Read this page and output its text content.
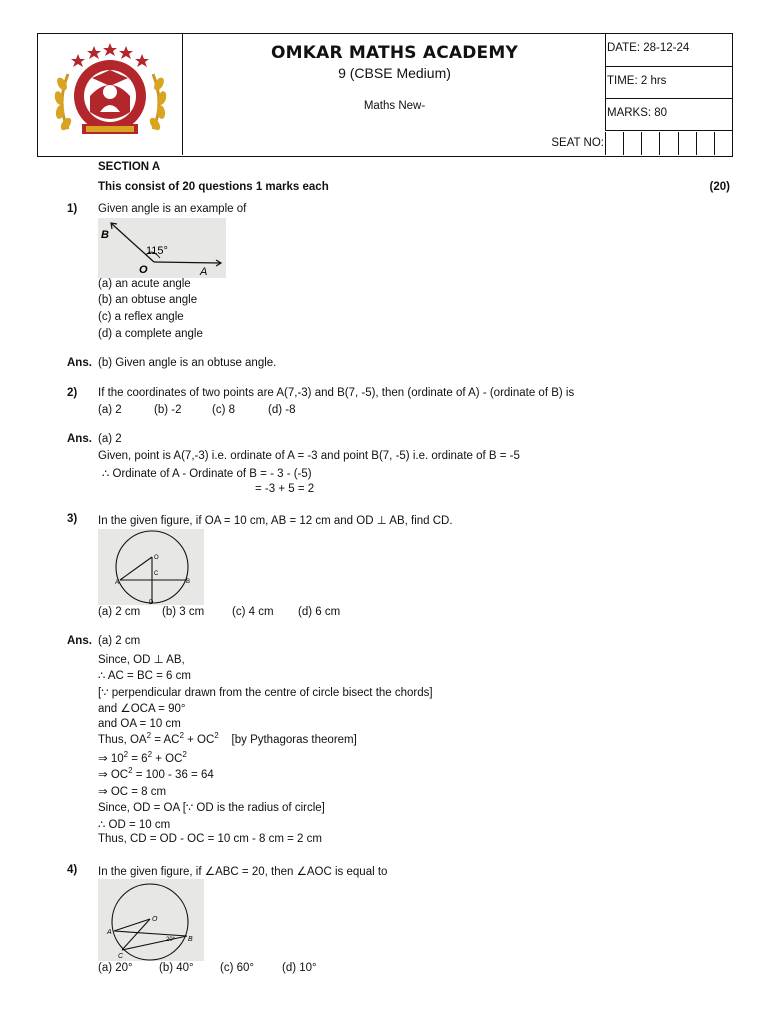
OMKAR MATHS ACADEMY
9 (CBSE Medium)
Maths New-
DATE: 28-12-24
TIME: 2 hrs
MARKS: 80
SEAT NO:
SECTION A
This consist of 20 questions 1 marks each	(20)
1) Given angle is an example of
B
115°
O	A
(a) an acute angle
(b) an obtuse angle
(c) a reflex angle
(d) a complete angle
Ans. (b) Given angle is an obtuse angle.
2) If the coordinates of two points are A(7,-3) and B(7, -5), then (ordinate of A) - (ordinate of B) is
(a) 2	(b) -2	(c) 8	(d) -8
Ans. (a) 2
Given, point is A(7,-3) i.e. ordinate of A = -3 and point B(7, -5) i.e. ordinate of B = -5
∴ Ordinate of A - Ordinate of B = - 3 - (-5)
= -3 + 5 = 2
3) In the given figure, if OA = 10 cm, AB = 12 cm and OD ⊥ AB, find CD.
O
C
A	B
D
(a) 2 cm (b) 3 cm (c) 4 cm (d) 6 cm
Ans. (a) 2 cm
Since, OD ⊥ AB,
∴ AC = BC = 6 cm
[∵ perpendicular drawn from the centre of circle bisect the chords]
and ∠OCA = 90°
and OA = 10 cm
Thus, $OA^2 = AC^2 + OC^2$    [by Pythagoras theorem]
⇒ $10^2 = 6^2 + OC^2$
⇒ $OC^2 = 100 - 36 = 64$
⇒ OC = 8 cm
Since, OD = OA [∵ OD is the radius of circle]
∴ OD = 10 cm
Thus, CD = OD - OC = 10 cm - 8 cm = 2 cm
4) In the given figure, if ∠ABC = 20, then ∠AOC is equal to
O
A
B
C
20°
(a) 20° (b) 40° (c) 60° (d) 10°
